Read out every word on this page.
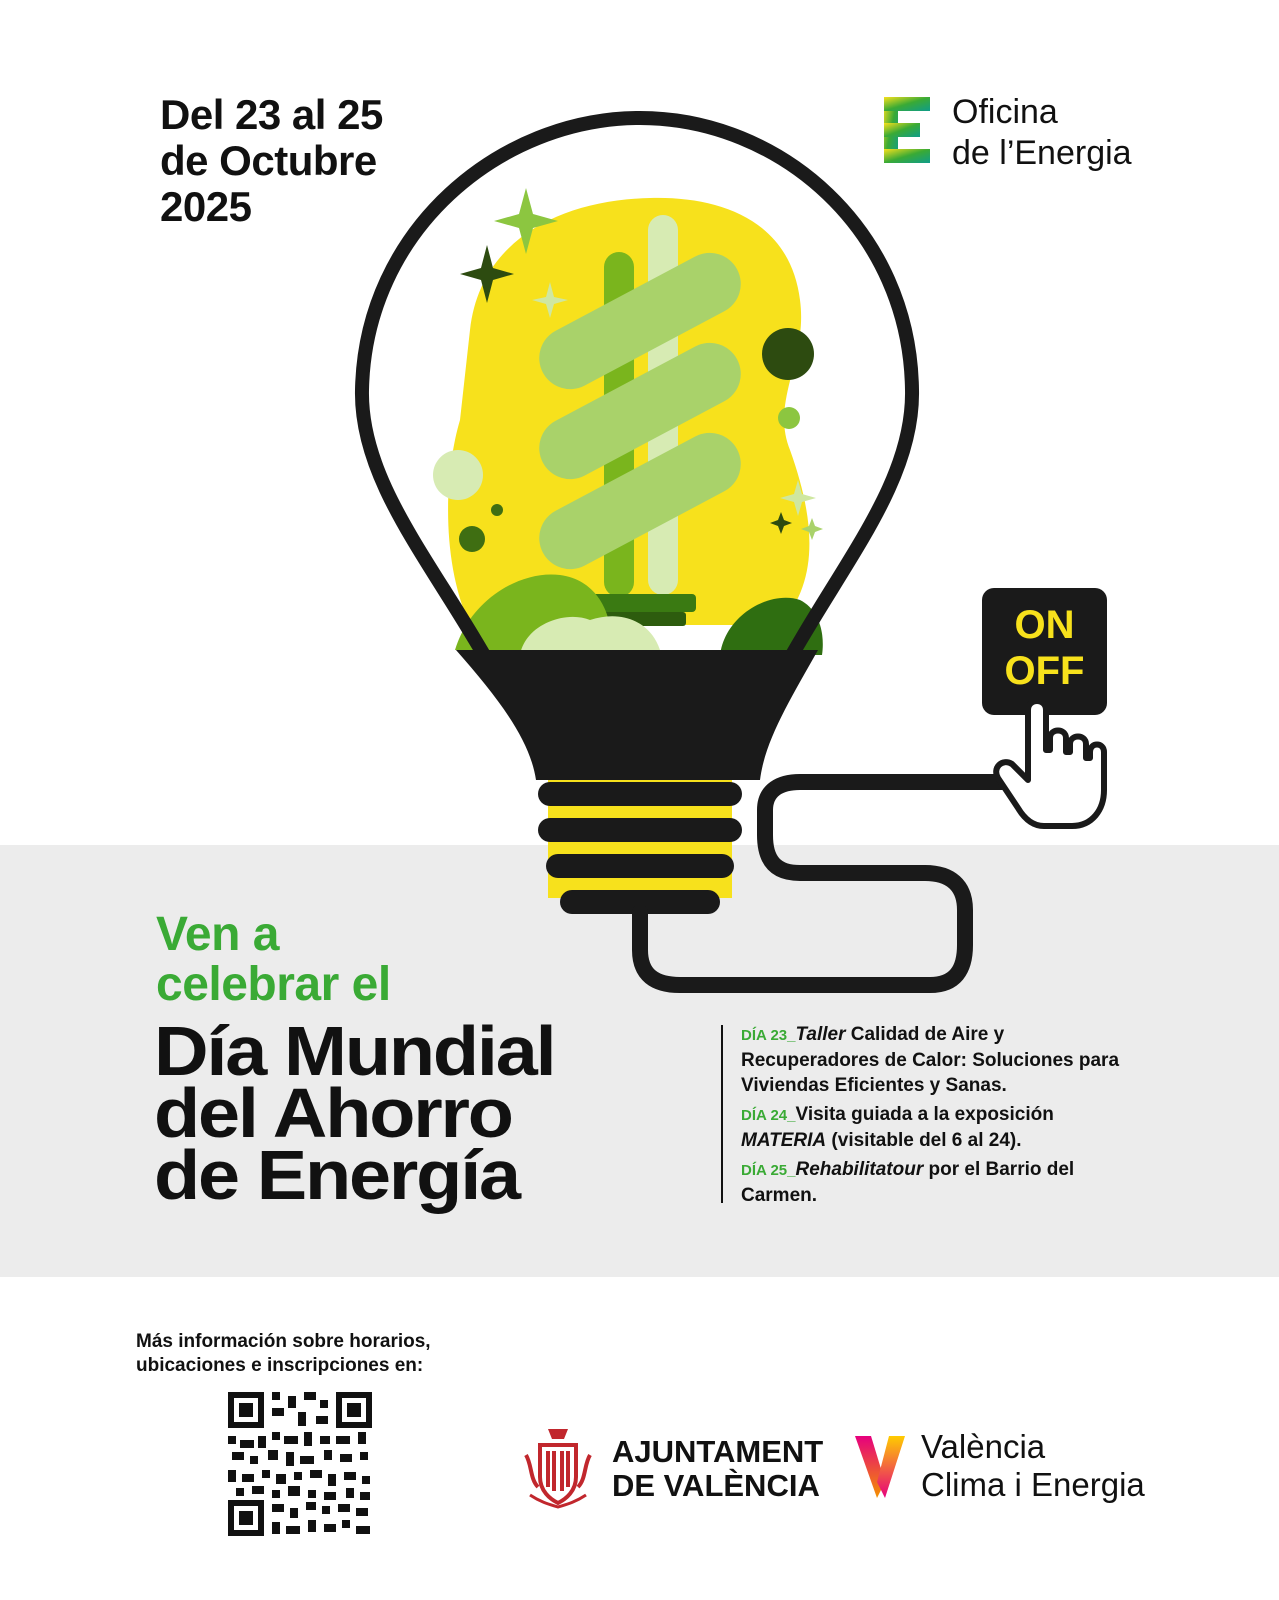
Del 23 al 25
de Octubre
2025
Oficina
de l’Energia
ON
OFF
Ven a
celebrar el
Día Mundial
del Ahorro
de Energía
DÍA 23_Taller Calidad de Aire y Recuperadores de Calor: Soluciones para Viviendas Eficientes y Sanas.
DÍA 24_Visita guiada a la exposición MATERIA (visitable del 6 al 24).
DÍA 25_Rehabilitatour por el Barrio del Carmen.
Más información sobre horarios,
ubicaciones e inscripciones en:
AJUNTAMENT
DE VALÈNCIA
València
Clima i Energia
